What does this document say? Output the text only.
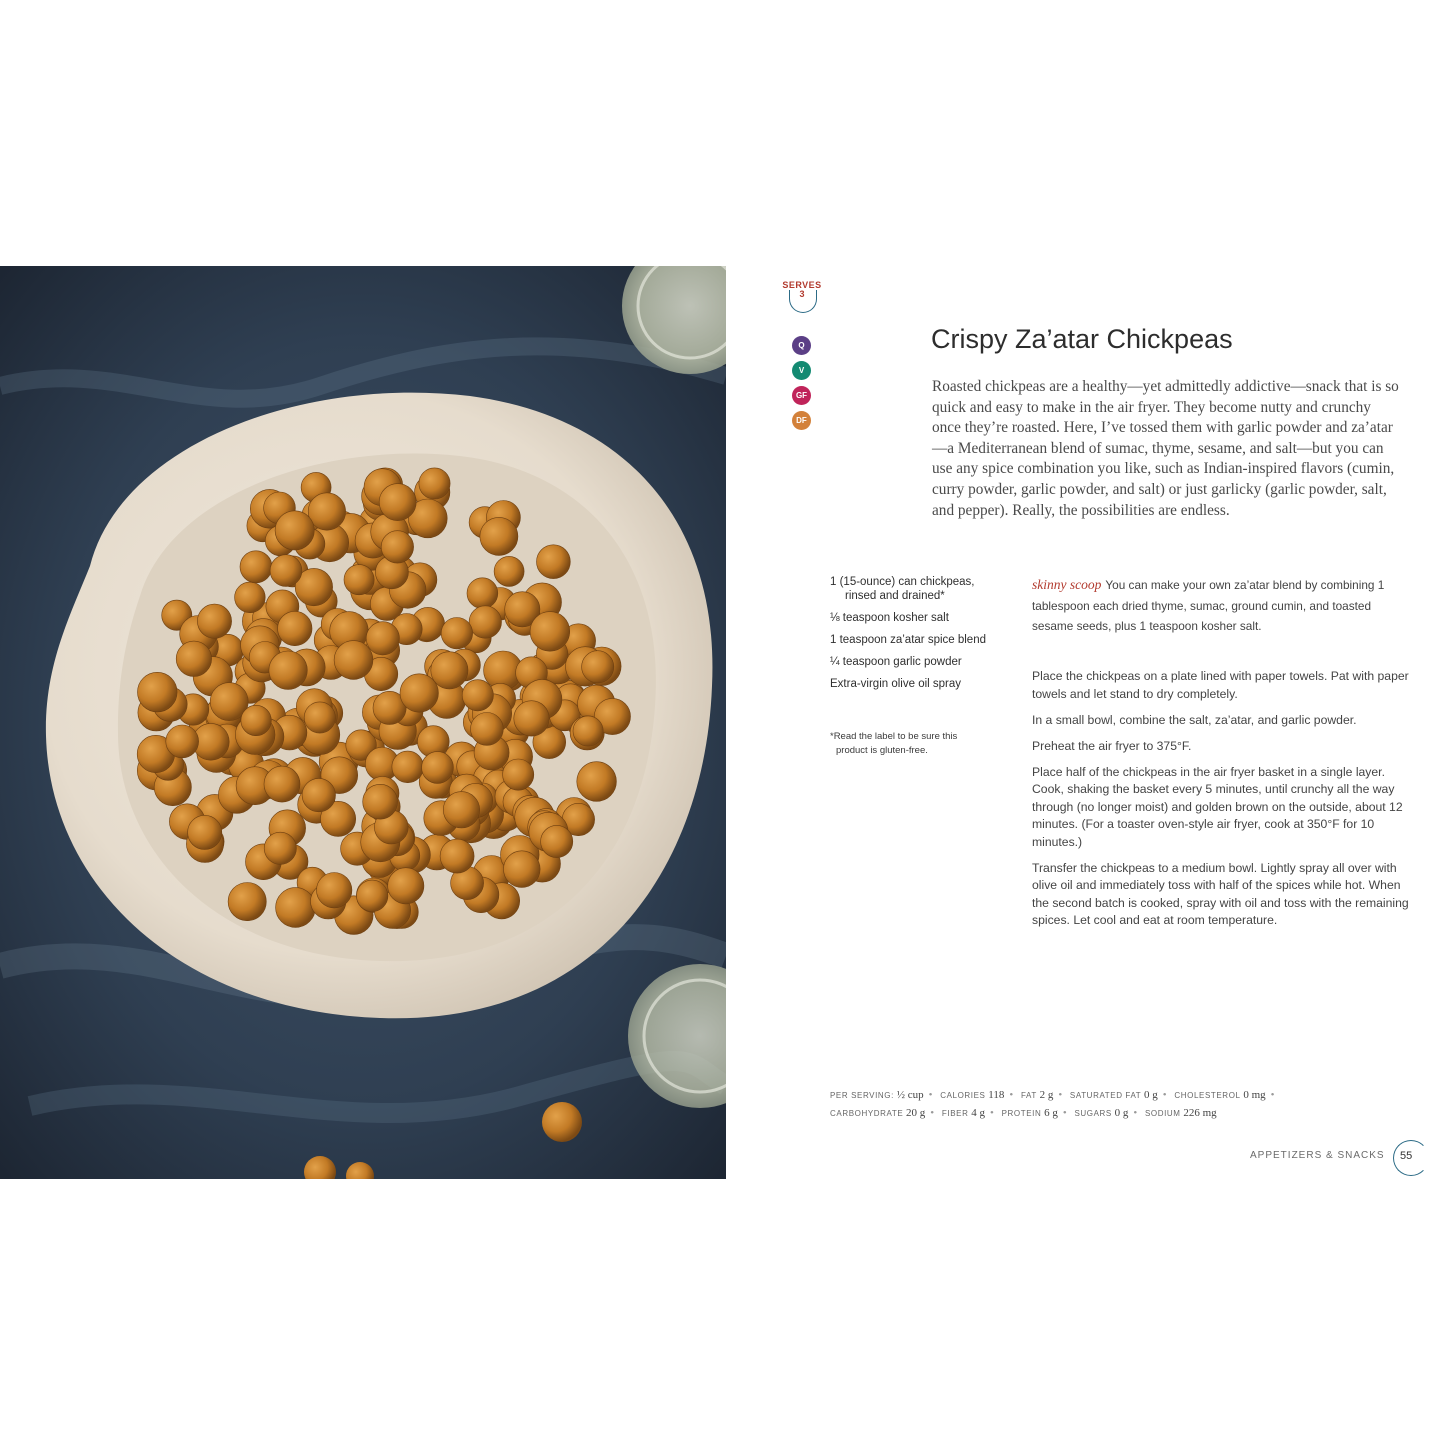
SERVES
3
Q
V
GF
DF
Crispy Za’atar Chickpeas
Roasted chickpeas are a healthy—yet admittedly addictive—snack that is so quick and easy to make in the air fryer. They become nutty and crunchy once they’re roasted. Here, I’ve tossed them with garlic powder and za’atar—a Mediterranean blend of sumac, thyme, sesame, and salt—but you can use any spice combination you like, such as Indian-inspired flavors (cumin, curry powder, garlic powder, and salt) or just garlicky (garlic powder, salt, and pepper). Really, the possibilities are endless.
1 (15-ounce) can chickpeas,
rinsed and drained*
⅛ teaspoon kosher salt
1 teaspoon za’atar spice blend
¼ teaspoon garlic powder
Extra-virgin olive oil spray
*Read the label to be sure this
product is gluten-free.
skinny scoop You can make your own za’atar blend by combining 1 tablespoon each dried thyme, sumac, ground cumin, and toasted sesame seeds, plus 1 teaspoon kosher salt.

Place the chickpeas on a plate lined with paper towels. Pat with paper towels and let stand to dry completely.

In a small bowl, combine the salt, za’atar, and garlic powder.

Preheat the air fryer to 375°F.

Place half of the chickpeas in the air fryer basket in a single layer. Cook, shaking the basket every 5 minutes, until crunchy all the way through (no longer moist) and golden brown on the outside, about 12 minutes. (For a toaster oven-style air fryer, cook at 350°F for 10 minutes.)

Transfer the chickpeas to a medium bowl. Lightly spray all over with olive oil and immediately toss with half of the spices while hot. When the second batch is cooked, spray with oil and toss with the remaining spices. Let cool and eat at room temperature.

PER SERVING: ½ cup • CALORIES 118 • FAT 2 g • SATURATED FAT 0 g • CHOLESTEROL 0 mg •
CARBOHYDRATE 20 g • FIBER 4 g • PROTEIN 6 g • SUGARS 0 g • SODIUM 226 mg
APPETIZERS & SNACKS 55
